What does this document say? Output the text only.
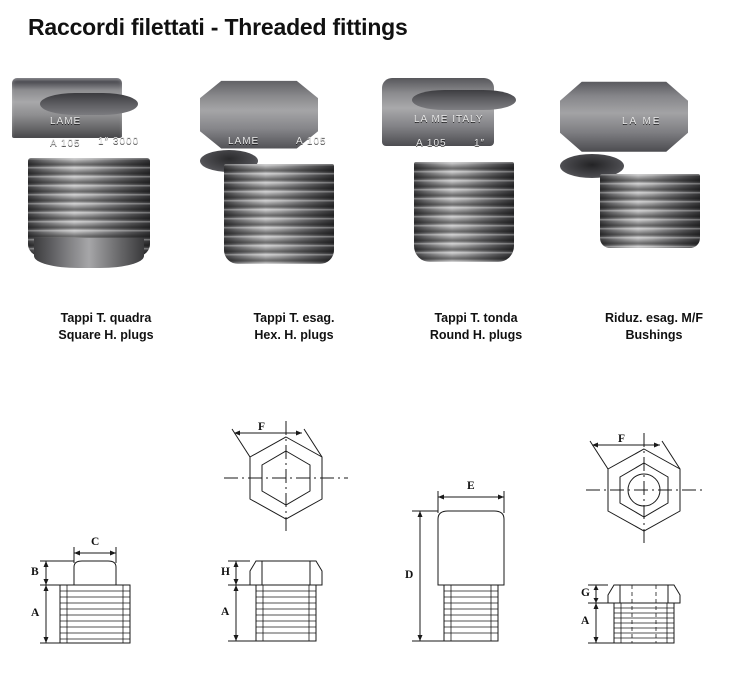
Raccordi filettati - Threaded fittings
LAME
A 105 1″ 3000
Tappi T. quadra
Square H. plugs
LAME	A 105
Tappi T. esag.
Hex. H. plugs
LA ME ITALY
A 105	1″
Tappi T. tonda
Round H. plugs
LA ME
Riduz. esag. M/F
Bushings
C
B
A
F
H
A
E
D
F
G
A
